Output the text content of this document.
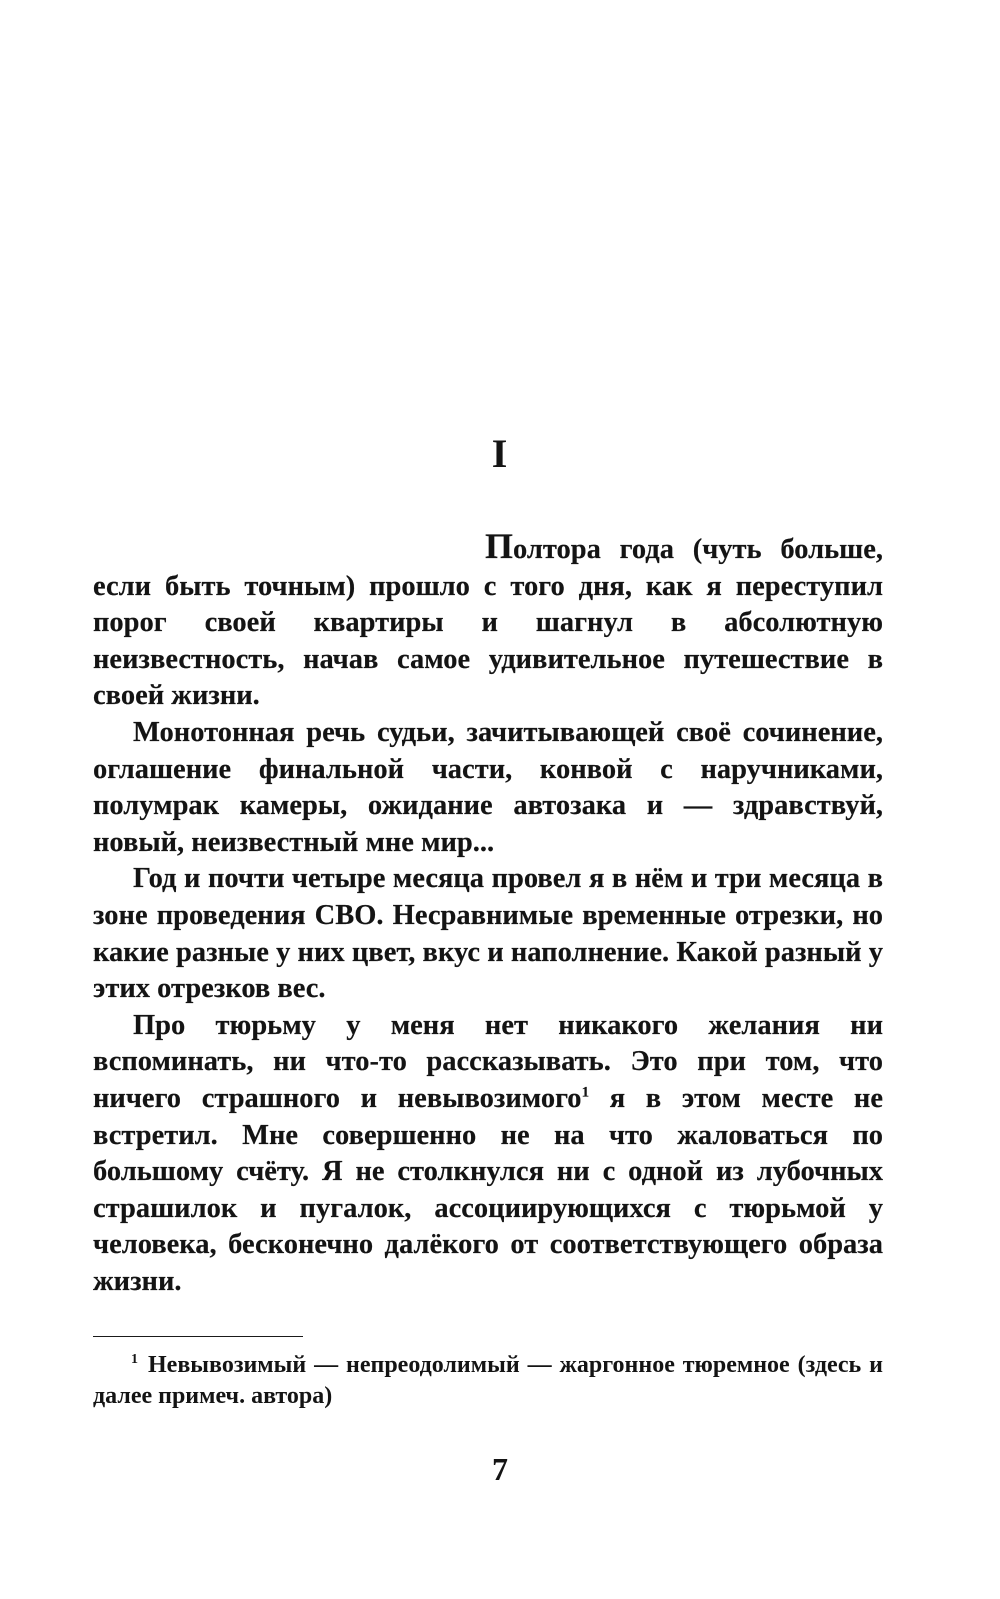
I

Полтора года (чуть больше, если быть точным) прошло с того дня, как я переступил порог своей квартиры и шагнул в абсолютную неизвестность, начав самое удивительное путешествие в своей жизни.

Монотонная речь судьи, зачитывающей своё сочинение, оглашение финальной части, конвой с наручниками, полумрак камеры, ожидание автозака и — здравствуй, новый, неизвестный мне мир...

Год и почти четыре месяца провел я в нём и три месяца в зоне проведения СВО. Несравнимые временные отрезки, но какие разные у них цвет, вкус и наполнение. Какой разный у этих отрезков вес.

Про тюрьму у меня нет никакого желания ни вспоминать, ни что-то рассказывать. Это при том, что ничего страшного и невывозимого$^1$ я в этом месте не встретил. Мне совершенно не на что жаловаться по большому счёту. Я не столкнулся ни с одной из лубочных страшилок и пугалок, ассоциирующихся с тюрьмой у человека, бесконечно далёкого от соответствующего образа жизни.

$^1$ Невывозимый — непреодолимый — жаргонное тюремное (здесь и далее примеч. автора)

7
